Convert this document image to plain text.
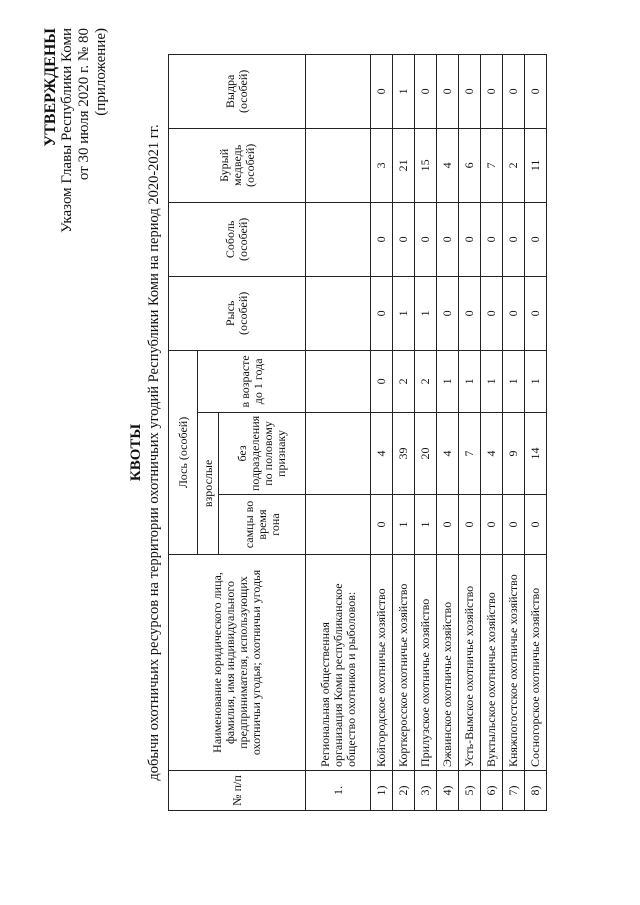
УТВЕРЖДЕНЫ Указом Главы Республики Коми от 30 июля 2020 г. № 80 (приложение)
КВОТЫ добычи охотничьих ресурсов на территории охотничьих угодий Республики Коми на период 2020-2021 гг.
№ п/п	Наименование юридического лица, фамилия, имя индивидуального предпринимателя, использующих охотничьи угодья; охотничьи угодья	Лось (особей)			Рысь (особей)	Соболь (особей)	Бурый медведь (особей)	Выдра (особей)
		взрослые		в возрасте до 1 года				
		самцы во время гона	без подразделения по половому признаку					
1.	Региональная общественная организация Коми республиканское общество охотников и рыболовов:							
1)	Койгородское охотничье хозяйство	0	4	0	0	0	3	0
2)	Корткеросское охотничье хозяйство	1	39	2	1	0	21	1
3)	Прилузское охотничье хозяйство	1	20	2	1	0	15	0
4)	Эжвинское охотничье хозяйство	0	4	1	0	0	4	0
5)	Усть-Вымское охотничье хозяйство	0	7	1	0	0	6	0
6)	Вуктыльское охотничье хозяйство	0	4	1	0	0	7	0
7)	Княжпогостское охотничье хозяйство	0	9	1	0	0	2	0
8)	Сосногорское охотничье хозяйство	0	14	1	0	0	11	0
